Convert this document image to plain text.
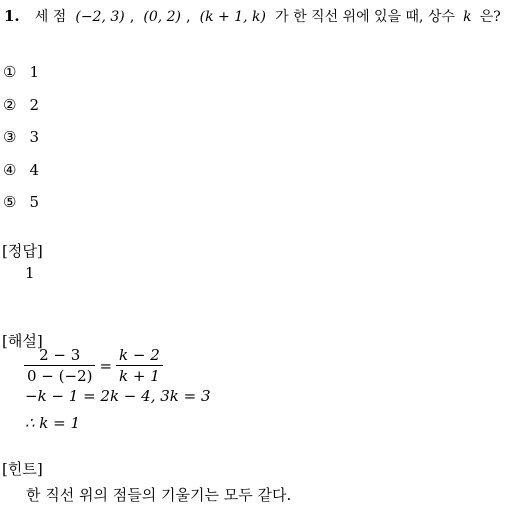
1. 세 점 (−2, 3) , (0, 2) , (k + 1, k) 가 한 직선 위에 있을 때, 상수 k 은?
① 1
② 2
③ 3
④ 4
⑤ 5
[정답]
1
[해설]
$\frac{2 - 3}{0 - (-2)} = \frac{k - 2}{k + 1}$
−k − 1 = 2k − 4, 3k = 3
∴ k = 1
[힌트]
한 직선 위의 점들의 기울기는 모두 같다.
